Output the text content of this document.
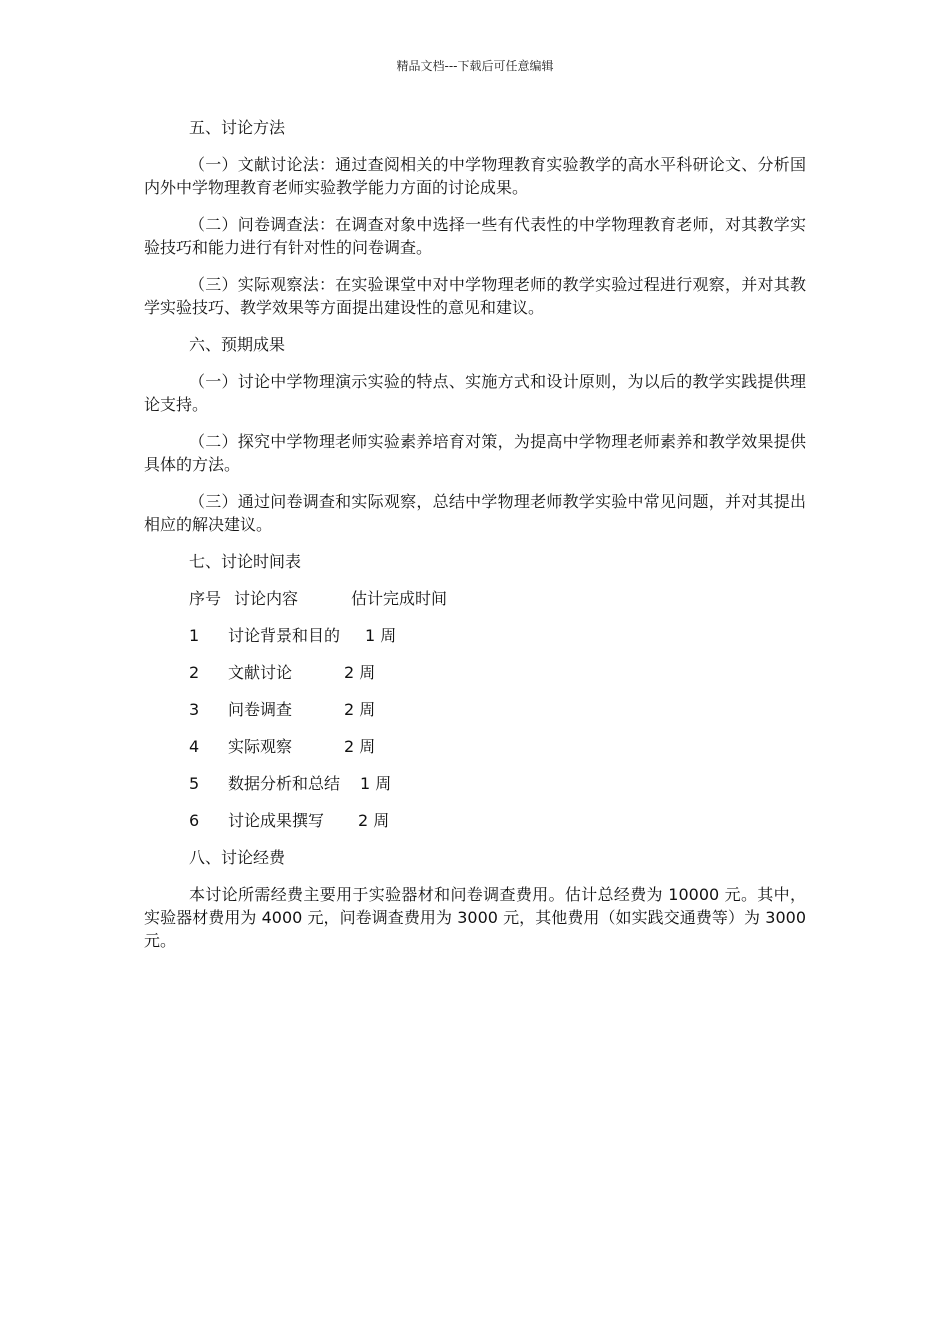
精品文档---下载后可任意编辑
五、讨论方法
（一）文献讨论法：通过查阅相关的中学物理教育实验教学的高水平科研论文、分析国内外中学物理教育老师实验教学能力方面的讨论成果。
（二）问卷调查法：在调查对象中选择一些有代表性的中学物理教育老师，对其教学实验技巧和能力进行有针对性的问卷调查。
（三）实际观察法：在实验课堂中对中学物理老师的教学实验过程进行观察，并对其教学实验技巧、教学效果等方面提出建设性的意见和建议。
六、预期成果
（一）讨论中学物理演示实验的特点、实施方式和设计原则，为以后的教学实践提供理论支持。
（二）探究中学物理老师实验素养培育对策，为提高中学物理老师素养和教学效果提供具体的方法。
（三）通过问卷调查和实际观察，总结中学物理老师教学实验中常见问题，并对其提出相应的解决建议。
七、讨论时间表
序号 讨论内容	估计完成时间
1 讨论背景和目的 1 周
2 文献讨论	2 周
3 问卷调查	2 周
4 实际观察	2 周
5 数据分析和总结 1 周
6 讨论成果撰写 2 周
八、讨论经费
本讨论所需经费主要用于实验器材和问卷调查费用。估计总经费为 10000 元。其中，实验器材费用为 4000 元，问卷调查费用为 3000 元，其他费用（如实践交通费等）为 3000 元。
